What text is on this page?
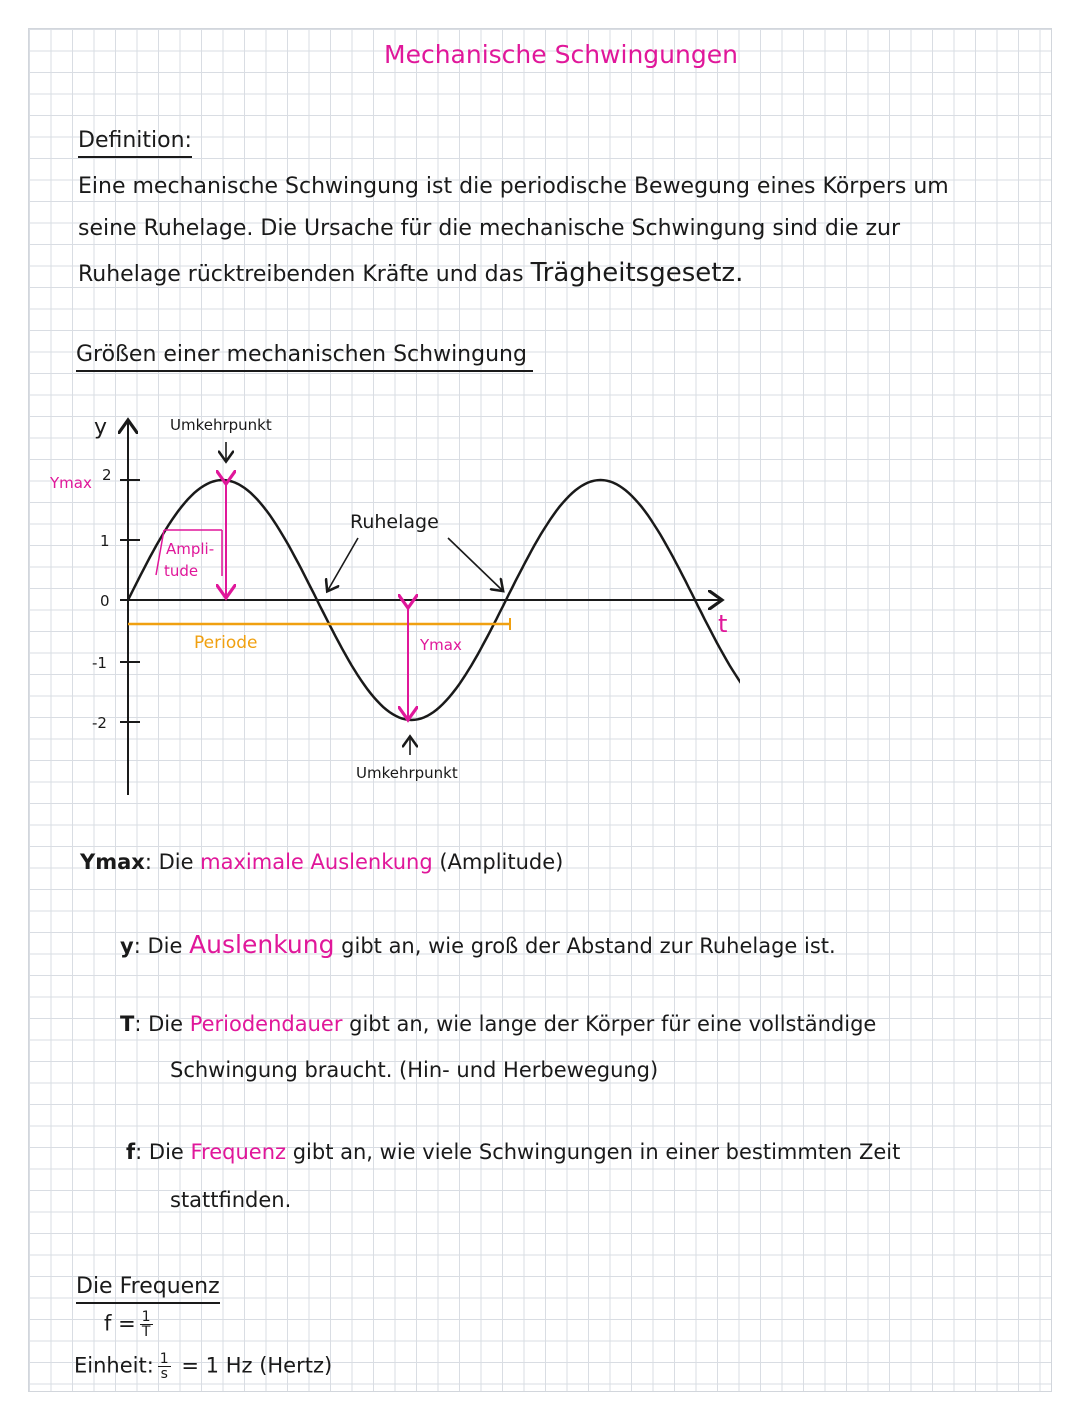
Mechanische Schwingungen
Definition:
Eine mechanische Schwingung ist die periodische Bewegung eines Körpers um
seine Ruhelage. Die Ursache für die mechanische Schwingung sind die zur
Ruhelage rücktreibenden Kräfte und das Trägheitsgesetz.
Größen einer mechanischen Schwingung
y
2
1
0
-1
-2
Ymax
t
Periode
Ampli-
tude
Ymax
Umkehrpunkt
Umkehrpunkt
Ruhelage
Ymax: Die maximale Auslenkung (Amplitude)
y: Die Auslenkung gibt an, wie groß der Abstand zur Ruhelage ist.
T: Die Periodendauer gibt an, wie lange der Körper für eine vollständige
Schwingung braucht. (Hin- und Herbewegung)
f: Die Frequenz gibt an, wie viele Schwingungen in einer bestimmten Zeit
stattfinden.
Die Frequenz
$f = \frac{1}{T}$
Einheit: $\frac{1}{s} = 1$ Hz (Hertz)
